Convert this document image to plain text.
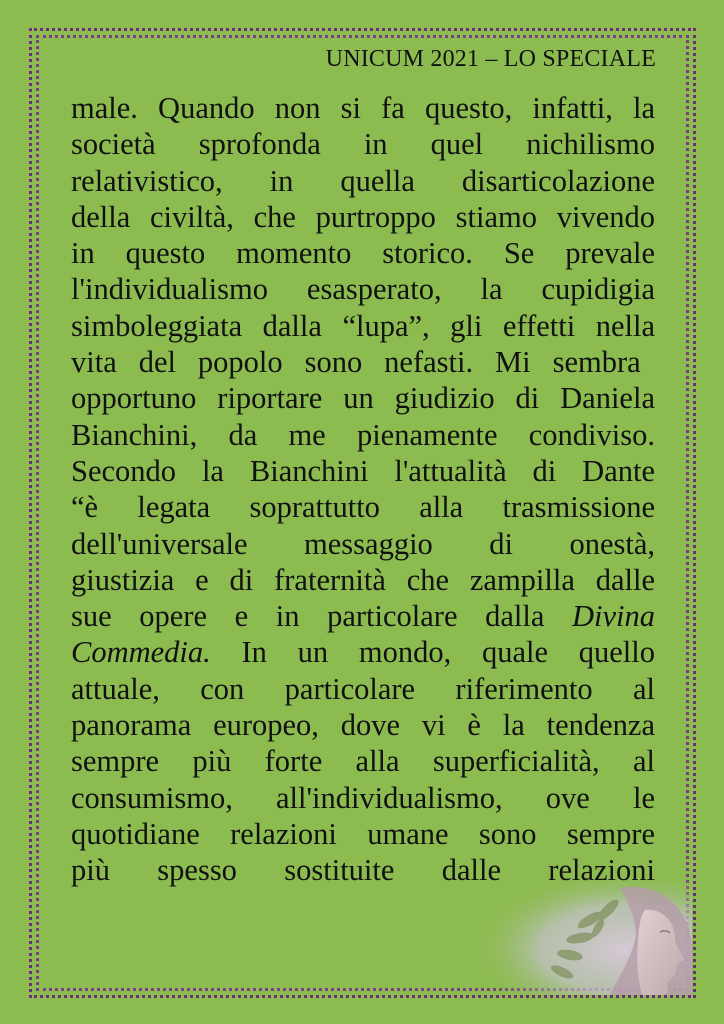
UNICUM 2021 – LO SPECIALE
male. Quando non si fa questo, infatti, la
società sprofonda in quel nichilismo
relativistico, in quella disarticolazione
della civiltà, che purtroppo stiamo vivendo
in questo momento storico. Se prevale
l'individualismo esasperato, la cupidigia
simboleggiata dalla “lupa”, gli effetti nella
vita del popolo sono nefasti. Mi sembra
opportuno riportare un giudizio di Daniela
Bianchini, da me pienamente condiviso.
Secondo la Bianchini l'attualità di Dante
“è legata soprattutto alla trasmissione
dell'universale messaggio di onestà,
giustizia e di fraternità che zampilla dalle
sue opere e in particolare dalla Divina
Commedia. In un mondo, quale quello
attuale, con particolare riferimento al
panorama europeo, dove vi è la tendenza
sempre più forte alla superficialità, al
consumismo, all'individualismo, ove le
quotidiane relazioni umane sono sempre
più spesso sostituite dalle relazioni
